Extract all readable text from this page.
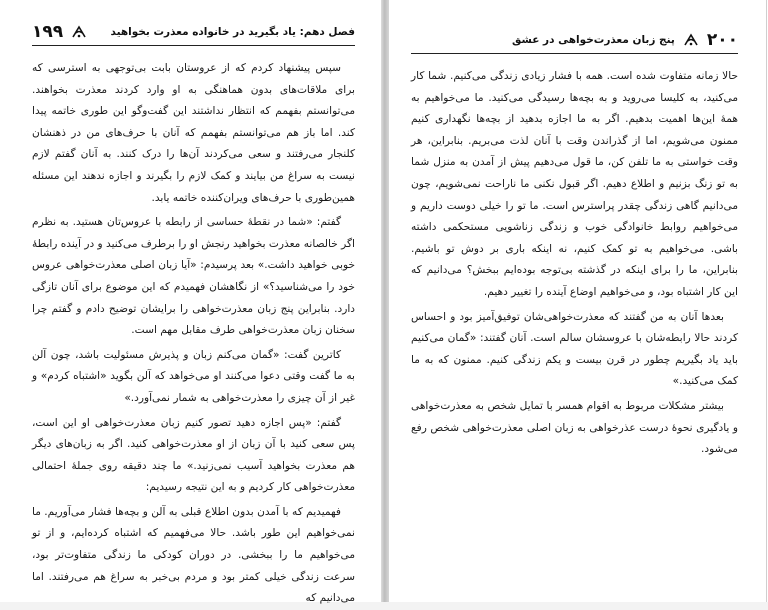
فصل دهم: یاد بگیرید در خانواده معذرت بخواهید
۱۹۹

سپس پیشنهاد کردم که از عروستان بابت بی‌توجهی به استرسی که برای ملاقات‌های بدون هماهنگی به او وارد کردند معذرت بخواهند. می‌توانستم بفهمم که انتظار نداشتند این گفت‌وگو این طوری خاتمه پیدا کند. اما باز هم می‌توانستم بفهمم که آنان با حرف‌های من در ذهنشان کلنجار می‌رفتند و سعی می‌کردند آن‌ها را درک کنند. به آنان گفتم لازم نیست به سراغ من بیایند و کمک لازم را بگیرند و اجازه ندهند این مسئله همین‌طوری با حرف‌های ویران‌کننده خاتمه یابد.

گفتم: «شما در نقطهٔ حساسی از رابطه با عروس‌تان هستید. به نظرم اگر خالصانه معذرت بخواهید رنجش او را برطرف می‌کنید و در آینده رابطهٔ خوبی خواهید داشت.» بعد پرسیدم: «آیا زبان اصلی معذرت‌خواهی عروس خود را می‌شناسید؟» از نگاهشان فهمیدم که این موضوع برای آنان تازگی دارد. بنابراین پنج زبان معذرت‌خواهی را برایشان توضیح دادم و گفتم چرا سخنان زبان معذرت‌خواهی طرف مقابل مهم است.

کاترین گفت: «گمان می‌کنم زبان و پذیرش مسئولیت باشد، چون آلن به ما گفت وقتی دعوا می‌کنند او می‌خواهد که آلن بگوید «اشتباه کردم» و غیر از آن چیزی را معذرت‌خواهی به شمار نمی‌آورد.»

گفتم: «پس اجازه دهید تصور کنیم زبان معذرت‌خواهی او این است، پس سعی کنید با آن زبان از او معذرت‌خواهی کنید. اگر به زبان‌های دیگر هم معذرت بخواهید آسیب نمی‌زنید.» ما چند دقیقه روی جملهٔ احتمالی معذرت‌خواهی کار کردیم و به این نتیجه رسیدیم:

فهمیدیم که با آمدن بدون اطلاع قبلی به آلن و بچه‌ها فشار می‌آوریم. ما نمی‌خواهیم این طور باشد. حالا می‌فهمیم که اشتباه کرده‌ایم، و از تو می‌خواهیم ما را ببخشی. در دوران کودکی ما زندگی متفاوت‌تر بود، سرعت زندگی خیلی کمتر بود و مردم بی‌خبر به سراغ هم می‌رفتند. اما می‌دانیم که

۲۰۰
پنج زبان معذرت‌خواهی در عشق

حالا زمانه متفاوت شده است. همه با فشار زیادی زندگی می‌کنیم. شما کار می‌کنید، به کلیسا می‌روید و به بچه‌ها رسیدگی می‌کنید. ما می‌خواهیم به همهٔ این‌ها اهمیت بدهیم. اگر به ما اجازه بدهید از بچه‌ها نگهداری کنیم ممنون می‌شویم، اما از گذراندن وقت با آنان لذت می‌بریم. بنابراین، هر وقت خواستی به ما تلفن کن، ما قول می‌دهیم پیش از آمدن به منزل شما به تو زنگ بزنیم و اطلاع دهیم. اگر قبول نکنی ما ناراحت نمی‌شویم، چون می‌دانیم گاهی زندگی چقدر پراسترس است. ما تو را خیلی دوست داریم و می‌خواهیم روابط خانوادگی خوب و زندگی زناشویی مستحکمی داشته باشی. می‌خواهیم به تو کمک کنیم، نه اینکه باری بر دوش تو باشیم. بنابراین، ما را برای اینکه در گذشته بی‌توجه بوده‌ایم ببخش؟ می‌دانیم که این کار اشتباه بود، و می‌خواهیم اوضاع آینده را تغییر دهیم.

بعدها آنان به من گفتند که معذرت‌خواهی‌شان توفیق‌آمیز بود و احساس کردند حالا رابطه‌شان با عروسشان سالم است. آنان گفتند: «گمان می‌کنیم باید یاد بگیریم چطور در قرن بیست و یکم زندگی کنیم. ممنون که به ما کمک می‌کنید.»

بیشتر مشکلات مربوط به اقوام همسر با تمایل شخص به معذرت‌خواهی و یادگیری نحوهٔ درست عذرخواهی به زبان اصلی معذرت‌خواهی شخص رفع می‌شود.
